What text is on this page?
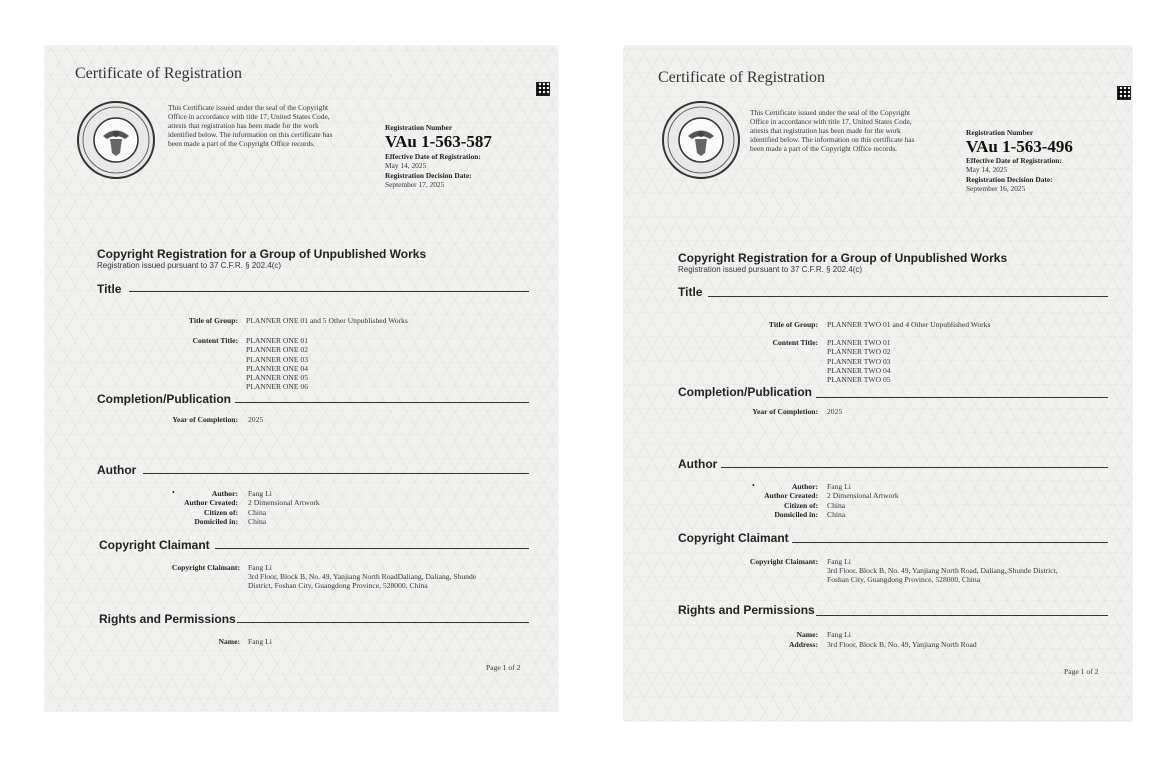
Certificate of Registration
This Certificate issued under the seal of the Copyright Office in accordance with title 17, United States Code, attests that registration has been made for the work identified below. The information on this certificate has been made a part of the Copyright Office records.
Registration Number
VAu 1-563-587
Effective Date of Registration:
May 14, 2025
Registration Decision Date:
September 17, 2025
Copyright Registration for a Group of Unpublished Works
Registration issued pursuant to 37 C.F.R. § 202.4(c)
Title
Title of Group: PLANNER ONE 01 and 5 Other Unpublished Works
Content Title: PLANNER ONE 01
PLANNER ONE 02
PLANNER ONE 03
PLANNER ONE 04
PLANNER ONE 05
PLANNER ONE 06
Completion/Publication
Year of Completion: 2025
Author
•	Author: Fang Li
Author Created: 2 Dimensional Artwork
Citizen of: China
Domiciled in: China
Copyright Claimant
Copyright Claimant: Fang Li
3rd Floor, Block B, No. 49, Yanjiang North RoadDaliang, Daliang, Shunde
District, Foshan City, Guangdong Province, 528000, China
Rights and Permissions
Name: Fang Li
Page 1 of 2
Certificate of Registration
This Certificate issued under the seal of the Copyright Office in accordance with title 17, United States Code, attests that registration has been made for the work identified below. The information on this certificate has been made a part of the Copyright Office records.
Registration Number
VAu 1-563-496
Effective Date of Registration:
May 14, 2025
Registration Decision Date:
September 16, 2025
Copyright Registration for a Group of Unpublished Works
Registration issued pursuant to 37 C.F.R. § 202.4(c)
Title
Title of Group: PLANNER TWO 01 and 4 Other Unpublished Works
Content Title: PLANNER TWO 01
PLANNER TWO 02
PLANNER TWO 03
PLANNER TWO 04
PLANNER TWO 05
Completion/Publication
Year of Completion: 2025
Author
•	Author: Fang Li
Author Created: 2 Dimensional Artwork
Citizen of: China
Domiciled in: China
Copyright Claimant
Copyright Claimant: Fang Li
3rd Floor, Block B, No. 49, Yanjiang North Road, Daliang, Shunde District,
Foshan City, Guangdong Province, 528000, China
Rights and Permissions
Name: Fang Li
Address: 3rd Floor, Block B, No. 49, Yanjiang North Road
Page 1 of 2
